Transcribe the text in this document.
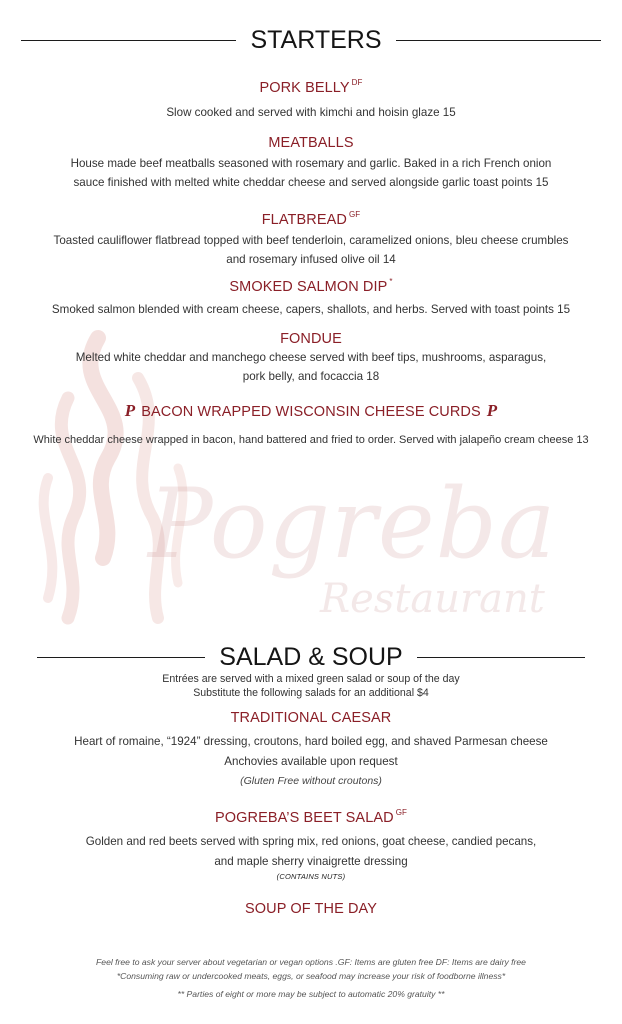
Pogreba
Restaurant
STARTERS
PORK BELLY $^{DF}$
Slow cooked and served with kimchi and hoisin glaze 15
MEATBALLS
House made beef meatballs seasoned with rosemary and garlic. Baked in a rich French onion
sauce finished with melted white cheddar cheese and served alongside garlic toast points 15
FLATBREAD $^{GF}$
Toasted cauliflower flatbread topped with beef tenderloin, caramelized onions, bleu cheese crumbles
and rosemary infused olive oil 14
SMOKED SALMON DIP *
Smoked salmon blended with cream cheese, capers, shallots, and herbs. Served with toast points 15
FONDUE
Melted white cheddar and manchego cheese served with beef tips, mushrooms, asparagus,
pork belly, and focaccia 18
P BACON WRAPPED WISCONSIN CHEESE CURDS P
White cheddar cheese wrapped in bacon, hand battered and fried to order. Served with jalapeño cream cheese 13
SALAD & SOUP
Entrées are served with a mixed green salad or soup of the day
Substitute the following salads for an additional $4
TRADITIONAL CAESAR
Heart of romaine, “1924” dressing, croutons, hard boiled egg, and shaved Parmesan cheese
Anchovies available upon request
(Gluten Free without croutons)
POGREBA’S BEET SALAD $^{GF}$
Golden and red beets served with spring mix, red onions, goat cheese, candied pecans,
and maple sherry vinaigrette dressing
(CONTAINS NUTS)
SOUP OF THE DAY
Feel free to ask your server about vegetarian or vegan options .GF: Items are gluten free DF: Items are dairy free
*Consuming raw or undercooked meats, eggs, or seafood may increase your risk of foodborne illness*
** Parties of eight or more may be subject to automatic 20% gratuity **
